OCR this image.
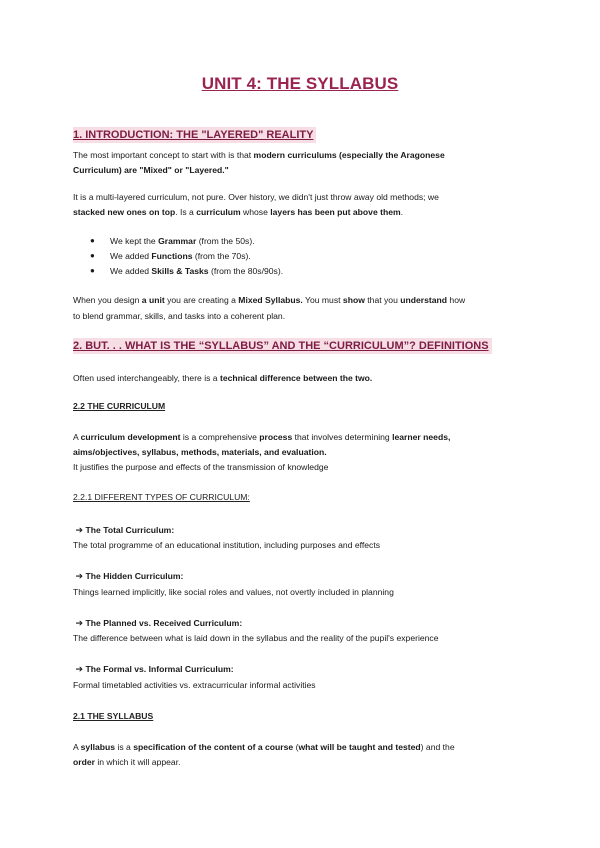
UNIT 4: THE SYLLABUS
1. INTRODUCTION: THE "LAYERED" REALITY
The most important concept to start with is that modern curriculums (especially the Aragonese
Curriculum) are "Mixed" or "Layered."
It is a multi-layered curriculum, not pure. Over history, we didn't just throw away old methods; we
stacked new ones on top. Is a curriculum whose layers has been put above them.
● We kept the Grammar (from the 50s).
● We added Functions (from the 70s).
● We added Skills & Tasks (from the 80s/90s).
When you design a unit you are creating a Mixed Syllabus. You must show that you understand how
to blend grammar, skills, and tasks into a coherent plan.
2. BUT. . . WHAT IS THE “SYLLABUS” AND THE “CURRICULUM”? DEFINITIONS
Often used interchangeably, there is a technical difference between the two.
2.2 THE CURRICULUM
A curriculum development is a comprehensive process that involves determining learner needs,
aims/objectives, syllabus, methods, materials, and evaluation.
It justifies the purpose and effects of the transmission of knowledge
2.2.1 DIFFERENT TYPES OF CURRICULUM:
➔ The Total Curriculum:
The total programme of an educational institution, including purposes and effects
➔ The Hidden Curriculum:
Things learned implicitly, like social roles and values, not overtly included in planning
➔ The Planned vs. Received Curriculum:
The difference between what is laid down in the syllabus and the reality of the pupil's experience
➔ The Formal vs. Informal Curriculum:
Formal timetabled activities vs. extracurricular informal activities
2.1 THE SYLLABUS
A syllabus is a specification of the content of a course (what will be taught and tested) and the
order in which it will appear.
